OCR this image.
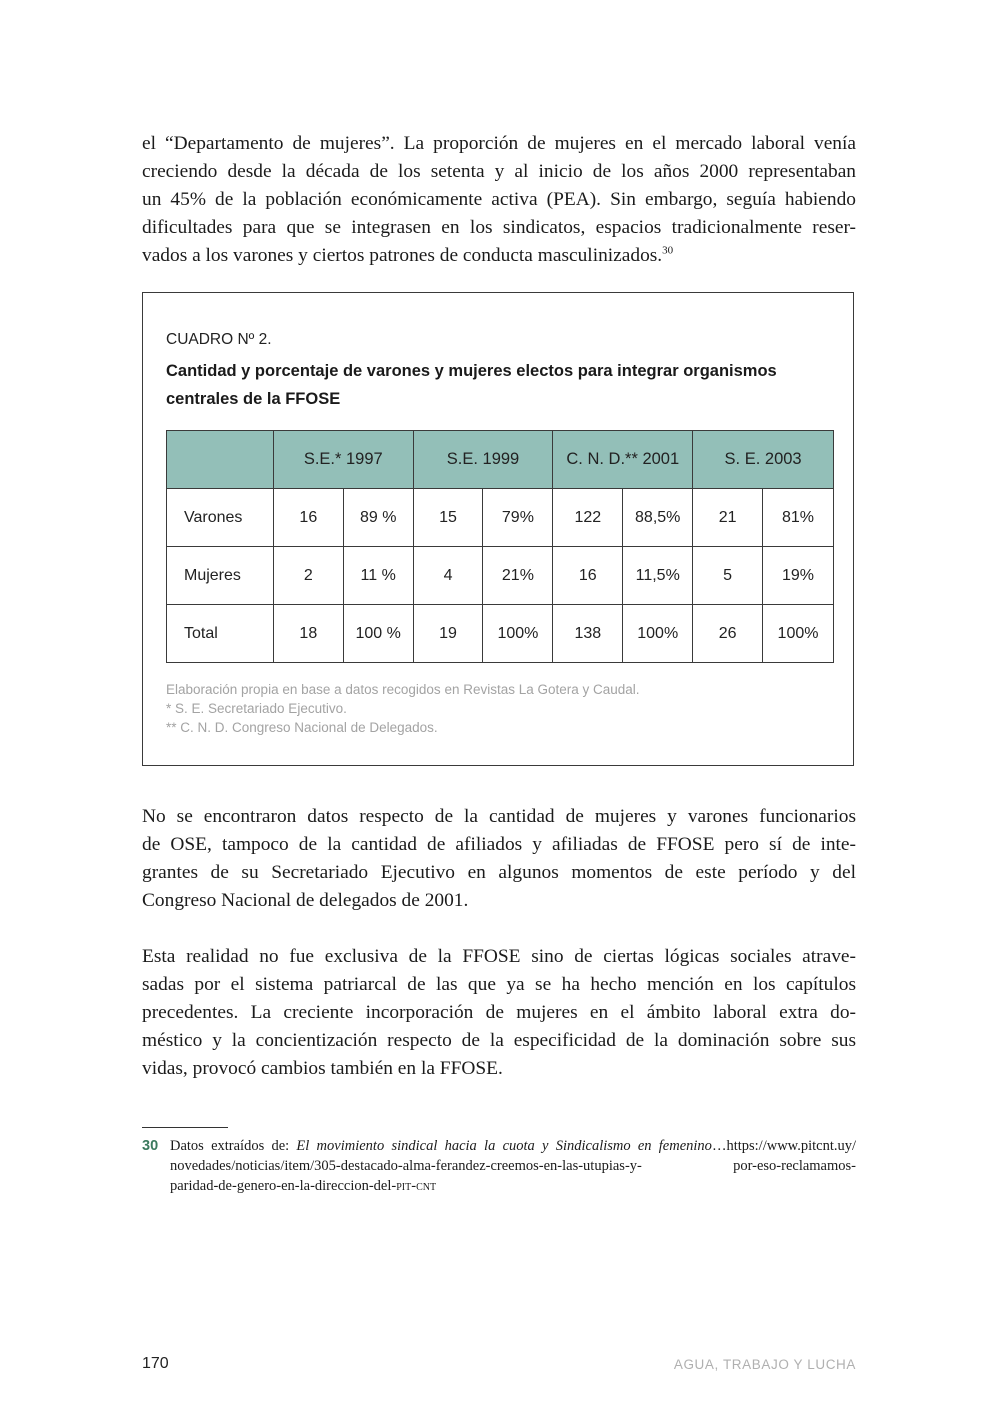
el “Departamento de mujeres”. La proporción de mujeres en el mercado laboral venía
creciendo desde la década de los setenta y al inicio de los años 2000 representaban
un 45% de la población económicamente activa (PEA). Sin embargo, seguía habiendo
dificultades para que se integrasen en los sindicatos, espacios tradicionalmente reser-
vados a los varones y ciertos patrones de conducta masculinizados.$^{30}$
CUADRO Nº 2.
Cantidad y porcentaje de varones y mujeres electos para integrar organismos centrales de la FFOSE
	S.E.* 1997		S.E. 1999		C. N. D.** 2001		S. E. 2003	
Varones	16	89 %	15	79%	122	88,5%	21	81%
Mujeres	2	11 %	4	21%	16	11,5%	5	19%
Total	18	100 %	19	100%	138	100%	26	100%
Elaboración propia en base a datos recogidos en Revistas La Gotera y Caudal.
* S. E. Secretariado Ejecutivo.
** C. N. D. Congreso Nacional de Delegados.
No se encontraron datos respecto de la cantidad de mujeres y varones funcionarios
de OSE, tampoco de la cantidad de afiliados y afiliadas de FFOSE pero sí de inte-
grantes de su Secretariado Ejecutivo en algunos momentos de este período y del
Congreso Nacional de delegados de 2001.
Esta realidad no fue exclusiva de la FFOSE sino de ciertas lógicas sociales atrave-
sadas por el sistema patriarcal de las que ya se ha hecho mención en los capítulos
precedentes. La creciente incorporación de mujeres en el ámbito laboral extra do-
méstico y la concientización respecto de la especificidad de la dominación sobre sus
vidas, provocó cambios también en la FFOSE.
30 Datos extraídos de: El movimiento sindical hacia la cuota y Sindicalismo en femenino…https://www.pitcnt.uy/
novedades/noticias/item/305-destacado-alma-ferandez-creemos-en-las-utupias-y- por-eso-reclamamos-
paridad-de-genero-en-la-direccion-del-pit-cnt
170	AGUA, TRABAJO Y LUCHA
